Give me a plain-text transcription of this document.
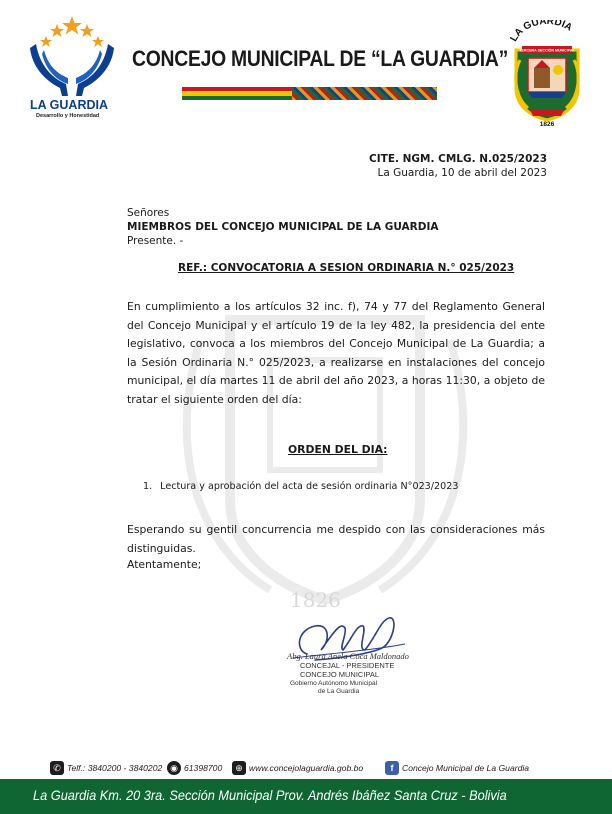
LA GUARDIA
Desarrollo y Honestidad
CONCEJO MUNICIPAL DE “LA GUARDIA”
LA GUARDIA
TERCERA SECCIÓN MUNICIPAL
1826
1826
CITE. NGM. CMLG. N.025/2023
La Guardia, 10 de abril del 2023
Señores
MIEMBROS DEL CONCEJO MUNICIPAL DE LA GUARDIA
Presente. -
REF.: CONVOCATORIA A SESION ORDINARIA N.° 025/2023
En cumplimiento a los artículos 32 inc. f), 74 y 77 del Reglamento General del Concejo Municipal y el artículo 19 de la ley 482, la presidencia del ente legislativo, convoca a los miembros del Concejo Municipal de La Guardia; a la Sesión Ordinaria N.° 025/2023, a realizarse en instalaciones del concejo municipal, el día martes 11 de abril del año 2023, a horas 11:30, a objeto de tratar el siguiente orden del día:
ORDEN DEL DIA:
1. Lectura y aprobación del acta de sesión ordinaria N°023/2023
Esperando su gentil concurrencia me despido con las consideraciones más distinguidas.
Atentamente;
Abg. Laura Anela Coca Maldonado
CONCEJAL - PRESIDENTE
CONCEJO MUNICIPAL
Gobierno Autónomo Municipal
de La Guardia
✆ Telf.: 3840200 - 3840202 ◉ 61398700	⊕ www.concejolaguardia.gob.bo	f Concejo Municipal de La Guardia
La Guardia Km. 20 3ra. Sección Municipal Prov. Andrés Ibáñez Santa Cruz - Bolivia
